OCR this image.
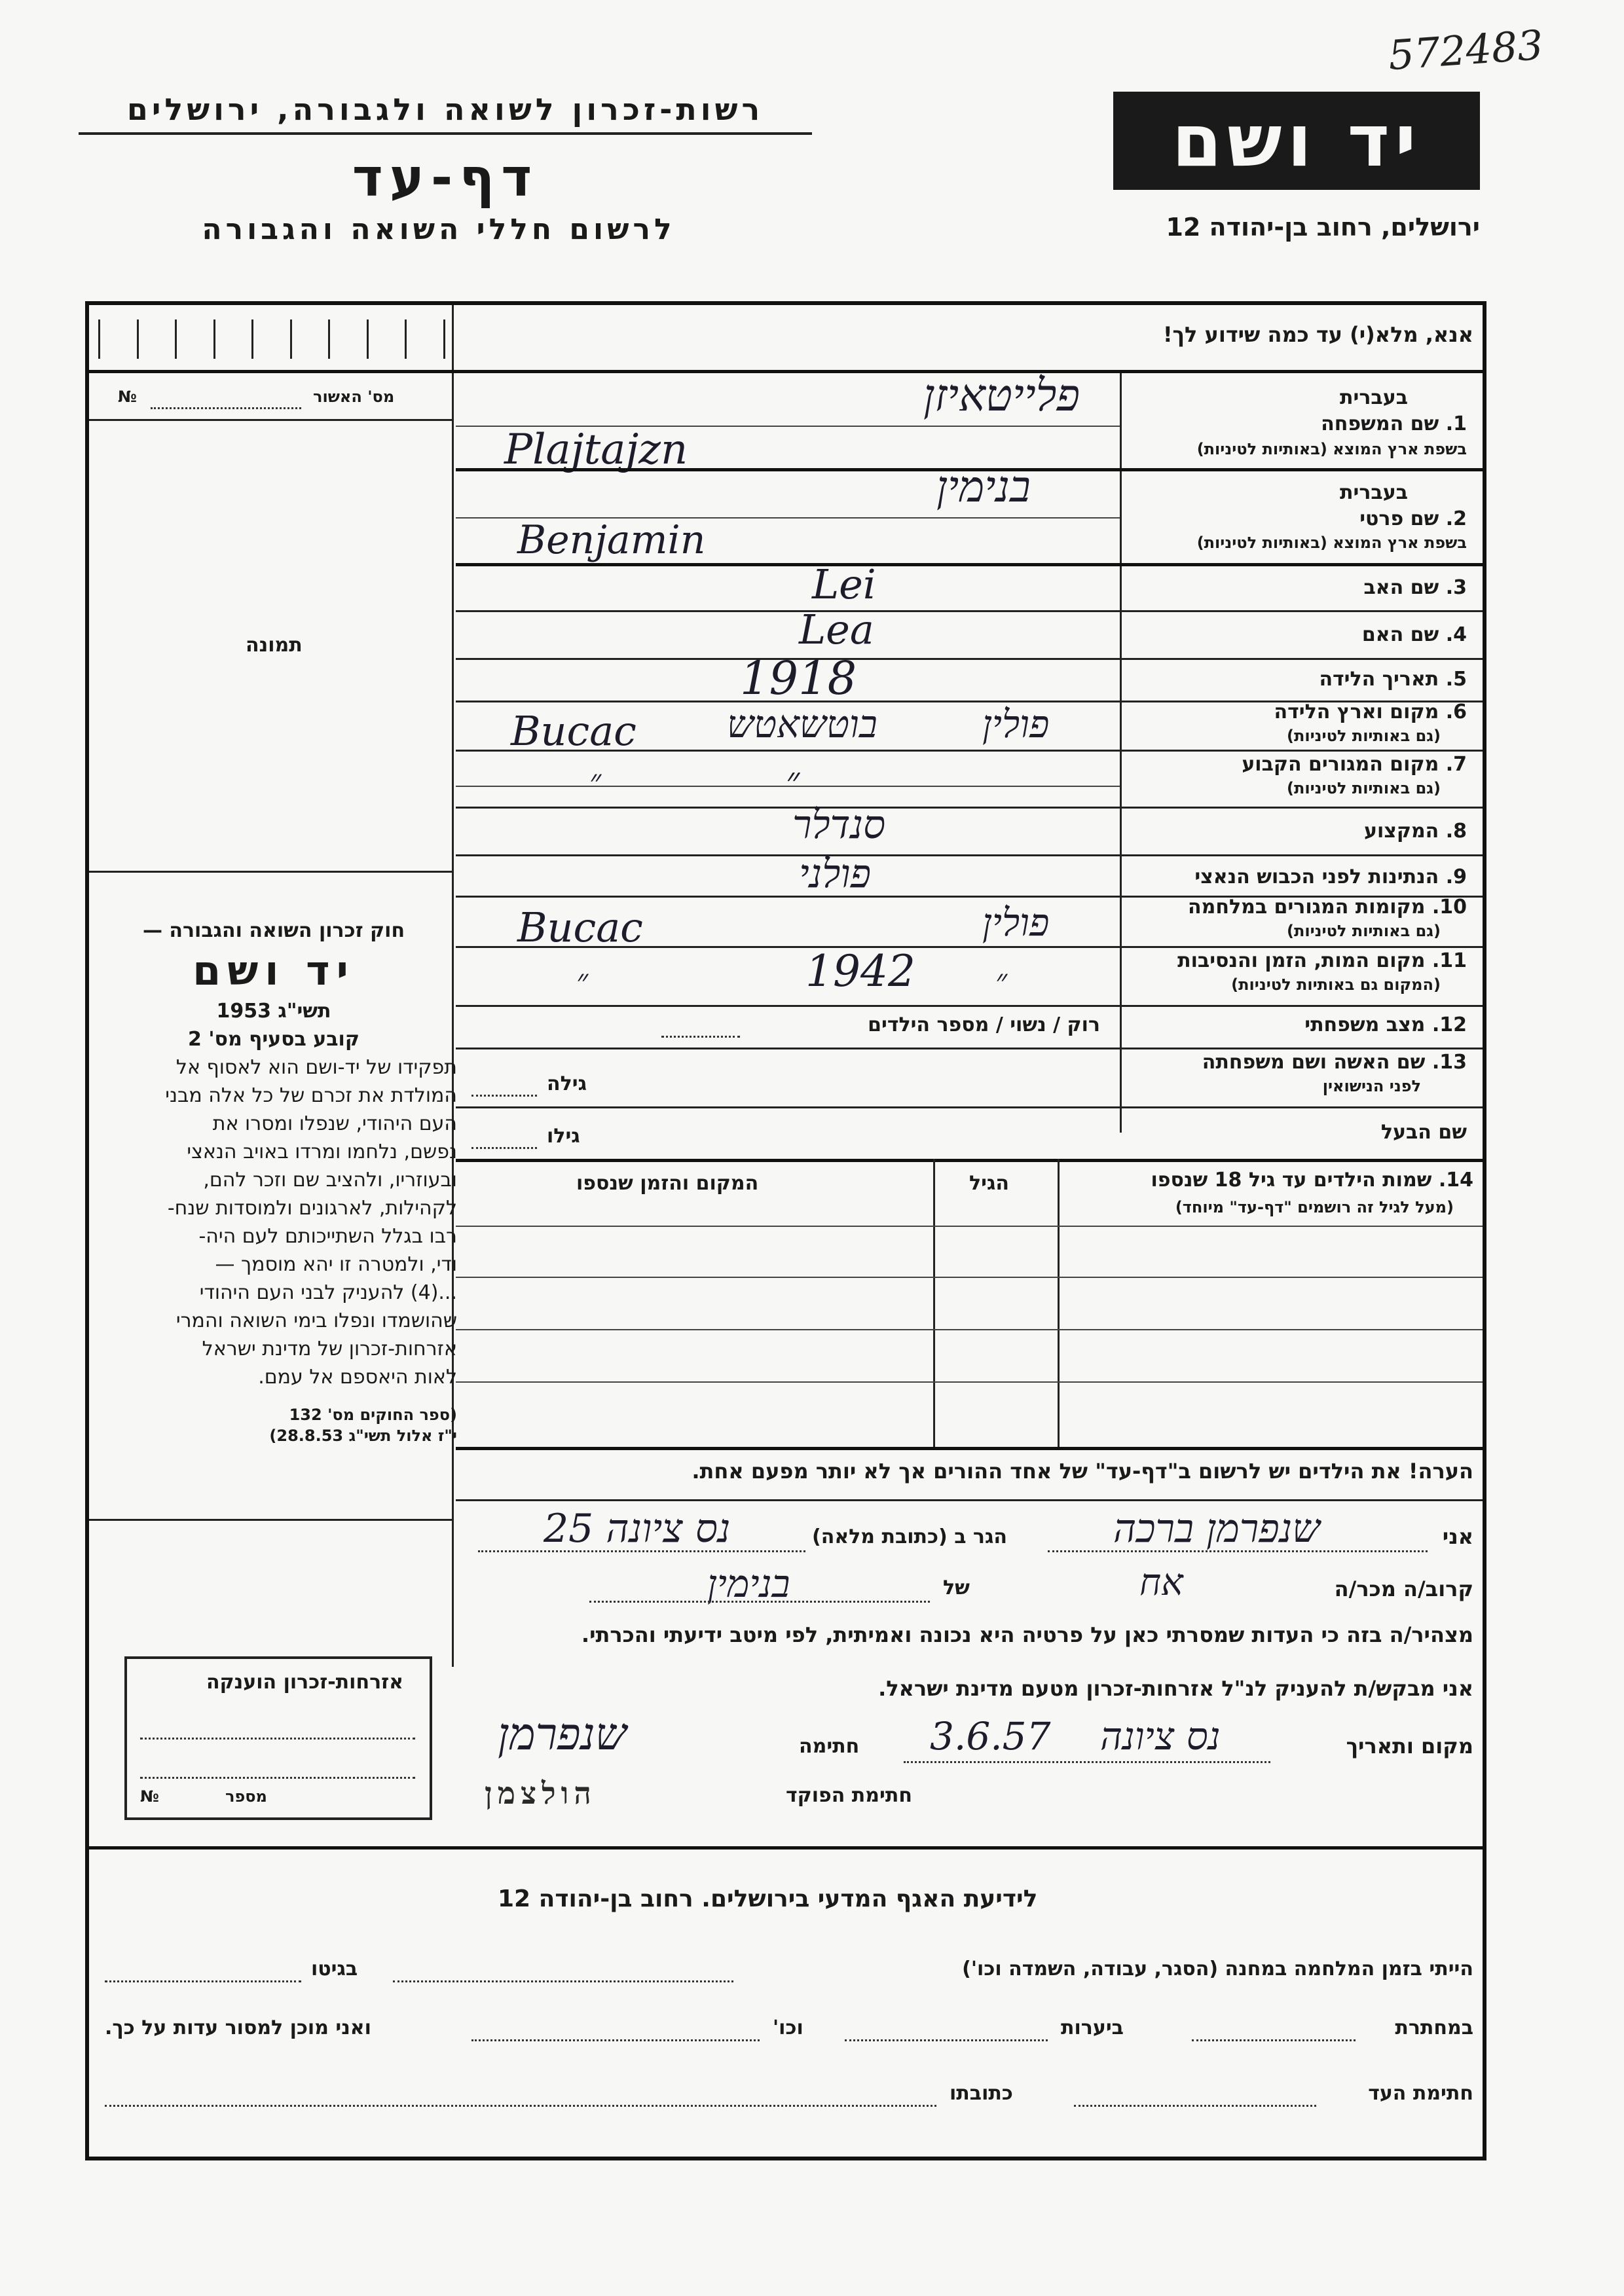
רשות-זכרון לשואה ולגבורה, ירושלים
דף-עד
לרשום חללי השואה והגבורה
יד ושם
ירושלים, רחוב בן-יהודה 12
572483
אנא, מלא(י) עד כמה שידוע לך!
№	מס' האשור
תמונה
בעברית
1. שם המשפחה
בשפת ארץ המוצא (באותיות לטיניות)
פלייטאיזן
Plajtajzn
בעברית
2. שם פרטי
בשפת ארץ המוצא (באותיות לטיניות)
בנימין
Benjamin
3. שם האב
Lei
4. שם האם
Lea
5. תאריך הלידה
1918
6. מקום וארץ הלידה
(גם באותיות לטיניות)
Bucac בוטשאטש	פולין
7. מקום המגורים הקבוע
(גם באותיות לטיניות)
״	״
8. המקצוע
סנדלר
9. הנתינות לפני הכבוש הנאצי
פולני
10. מקומות המגורים במלחמה
(גם באותיות לטיניות)
Bucac	פולין
11. מקום המות, הזמן והנסיבות
(המקום גם באותיות לטיניות)
״	1942	״
12. מצב משפחתי
רוק / נשוי / מספר הילדים
13. שם האשה ושם משפחתה
לפני הנישואין
גילה
שם הבעל
גילו
14. שמות הילדים עד גיל 18 שנספו
(מעל לגיל זה רושמים "דף-עד" מיוחד)
הגיל
המקום והזמן שנספו
הערה! את הילדים יש לרשום ב"דף-עד" של אחד ההורים אך לא יותר מפעם אחת.
חוק זכרון השואה והגבורה —
יד ושם
תשי"ג 1953
קובע בסעיף מס' 2
תפקידו של יד-ושם הוא לאסוף אל
המולדת את זכרם של כל אלה מבני
העם היהודי, שנפלו ומסרו את
נפשם, נלחמו ומרדו באויב הנאצי
ובעוזריו, ולהציב שם וזכר להם,
לקהילות, לארגונים ולמוסדות שנח-
רבו בגלל השתייכותם לעם היה-
ודי, ולמטרה זו יהא מוסמך —
...(4) להעניק לבני העם היהודי
שהושמדו ונפלו בימי השואה והמרי
אזרחות-זכרון של מדינת ישראל
לאות היאספם אל עמם.
(ספר החוקים מס' 132
י"ז אלול תשי"ג 28.8.53)
אני
שנפרמן ברכה
הגר ב (כתובת מלאה)
נס ציונה 25
קרוב/ה מכר/ה
אח
של
בנימין
מצהיר/ה בזה כי העדות שמסרתי כאן על פרטיה היא נכונה ואמיתית, לפי מיטב ידיעתי והכרתי.
אני מבקש/ת להעניק לנ"ל אזרחות-זכרון מטעם מדינת ישראל.
מקום ותאריך
נס ציונה
3.6.57
חתימה
שנפרמן
חתימת הפוקד
הולצמן
אזרחות-זכרון הוענקה
№	מספר
לידיעת האגף המדעי בירושלים. רחוב בן-יהודה 12
הייתי בזמן המלחמה במחנה (הסגר, עבודה, השמדה וכו')
בגיטו
במחתרת
ביערות
וכו'
ואני מוכן למסור עדות על כך.
חתימת העד
כתובתו
